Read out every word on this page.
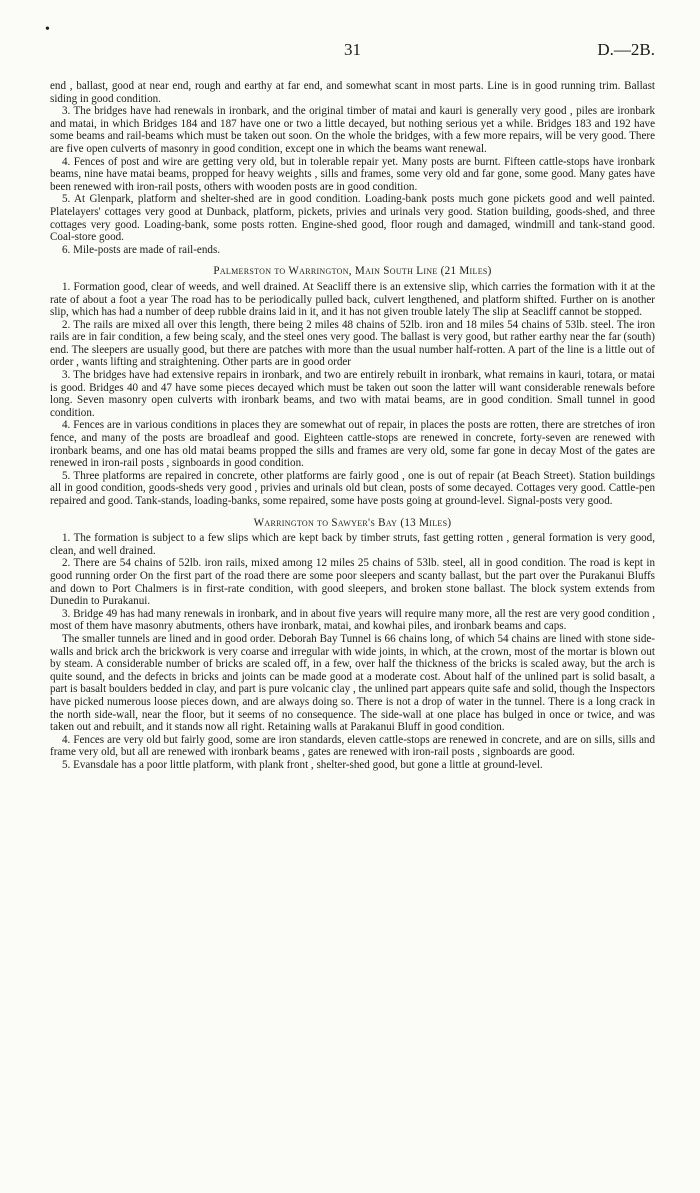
•
31	D.—2B.

end , ballast, good at near end, rough and earthy at far end, and somewhat scant in most parts. Line is in good running trim. Ballast siding in good condition.

3. The bridges have had renewals in ironbark, and the original timber of matai and kauri is generally very good , piles are ironbark and matai, in which Bridges 184 and 187 have one or two a little decayed, but nothing serious yet a while. Bridges 183 and 192 have some beams and rail-beams which must be taken out soon. On the whole the bridges, with a few more repairs, will be very good. There are five open culverts of masonry in good condition, except one in which the beams want renewal.

4. Fences of post and wire are getting very old, but in tolerable repair yet. Many posts are burnt. Fifteen cattle-stops have ironbark beams, nine have matai beams, propped for heavy weights , sills and frames, some very old and far gone, some good. Many gates have been renewed with iron-rail posts, others with wooden posts are in good condition.

5. At Glenpark, platform and shelter-shed are in good condition. Loading-bank posts much gone pickets good and well painted. Platelayers' cottages very good at Dunback, platform, pickets, privies and urinals very good. Station building, goods-shed, and three cottages very good. Loading-bank, some posts rotten. Engine-shed good, floor rough and damaged, windmill and tank-stand good. Coal-store good.

6. Mile-posts are made of rail-ends.

Palmerston to Warrington, Main South Line (21 Miles)

1. Formation good, clear of weeds, and well drained. At Seacliff there is an extensive slip, which carries the formation with it at the rate of about a foot a year The road has to be periodically pulled back, culvert lengthened, and platform shifted. Further on is another slip, which has had a number of deep rubble drains laid in it, and it has not given trouble lately The slip at Seacliff cannot be stopped.

2. The rails are mixed all over this length, there being 2 miles 48 chains of 52lb. iron and 18 miles 54 chains of 53lb. steel. The iron rails are in fair condition, a few being scaly, and the steel ones very good. The ballast is very good, but rather earthy near the far (south) end. The sleepers are usually good, but there are patches with more than the usual number half-rotten. A part of the line is a little out of order , wants lifting and straightening. Other parts are in good order

3. The bridges have had extensive repairs in ironbark, and two are entirely rebuilt in ironbark, what remains in kauri, totara, or matai is good. Bridges 40 and 47 have some pieces decayed which must be taken out soon the latter will want considerable renewals before long. Seven masonry open culverts with ironbark beams, and two with matai beams, are in good condition. Small tunnel in good condition.

4. Fences are in various conditions in places they are somewhat out of repair, in places the posts are rotten, there are stretches of iron fence, and many of the posts are broadleaf and good. Eighteen cattle-stops are renewed in concrete, forty-seven are renewed with ironbark beams, and one has old matai beams propped the sills and frames are very old, some far gone in decay Most of the gates are renewed in iron-rail posts , signboards in good condition.

5. Three platforms are repaired in concrete, other platforms are fairly good , one is out of repair (at Beach Street). Station buildings all in good condition, goods-sheds very good , privies and urinals old but clean, posts of some decayed. Cottages very good. Cattle-pen repaired and good. Tank-stands, loading-banks, some repaired, some have posts going at ground-level. Signal-posts very good.

Warrington to Sawyer's Bay (13 Miles)

1. The formation is subject to a few slips which are kept back by timber struts, fast getting rotten , general formation is very good, clean, and well drained.

2. There are 54 chains of 52lb. iron rails, mixed among 12 miles 25 chains of 53lb. steel, all in good condition. The road is kept in good running order On the first part of the road there are some poor sleepers and scanty ballast, but the part over the Purakanui Bluffs and down to Port Chalmers is in first-rate condition, with good sleepers, and broken stone ballast. The block system extends from Dunedin to Purakanui.

3. Bridge 49 has had many renewals in ironbark, and in about five years will require many more, all the rest are very good condition , most of them have masonry abutments, others have ironbark, matai, and kowhai piles, and ironbark beams and caps.

The smaller tunnels are lined and in good order. Deborah Bay Tunnel is 66 chains long, of which 54 chains are lined with stone side-walls and brick arch the brickwork is very coarse and irregular with wide joints, in which, at the crown, most of the mortar is blown out by steam. A considerable number of bricks are scaled off, in a few, over half the thickness of the bricks is scaled away, but the arch is quite sound, and the defects in bricks and joints can be made good at a moderate cost. About half of the unlined part is solid basalt, a part is basalt boulders bedded in clay, and part is pure volcanic clay , the unlined part appears quite safe and solid, though the Inspectors have picked numerous loose pieces down, and are always doing so. There is not a drop of water in the tunnel. There is a long crack in the north side-wall, near the floor, but it seems of no consequence. The side-wall at one place has bulged in once or twice, and was taken out and rebuilt, and it stands now all right. Retaining walls at Parakanui Bluff in good condition.

4. Fences are very old but fairly good, some are iron standards, eleven cattle-stops are renewed in concrete, and are on sills, sills and frame very old, but all are renewed with ironbark beams , gates are renewed with iron-rail posts , signboards are good.

5. Evansdale has a poor little platform, with plank front , shelter-shed good, but gone a little at ground-level.
